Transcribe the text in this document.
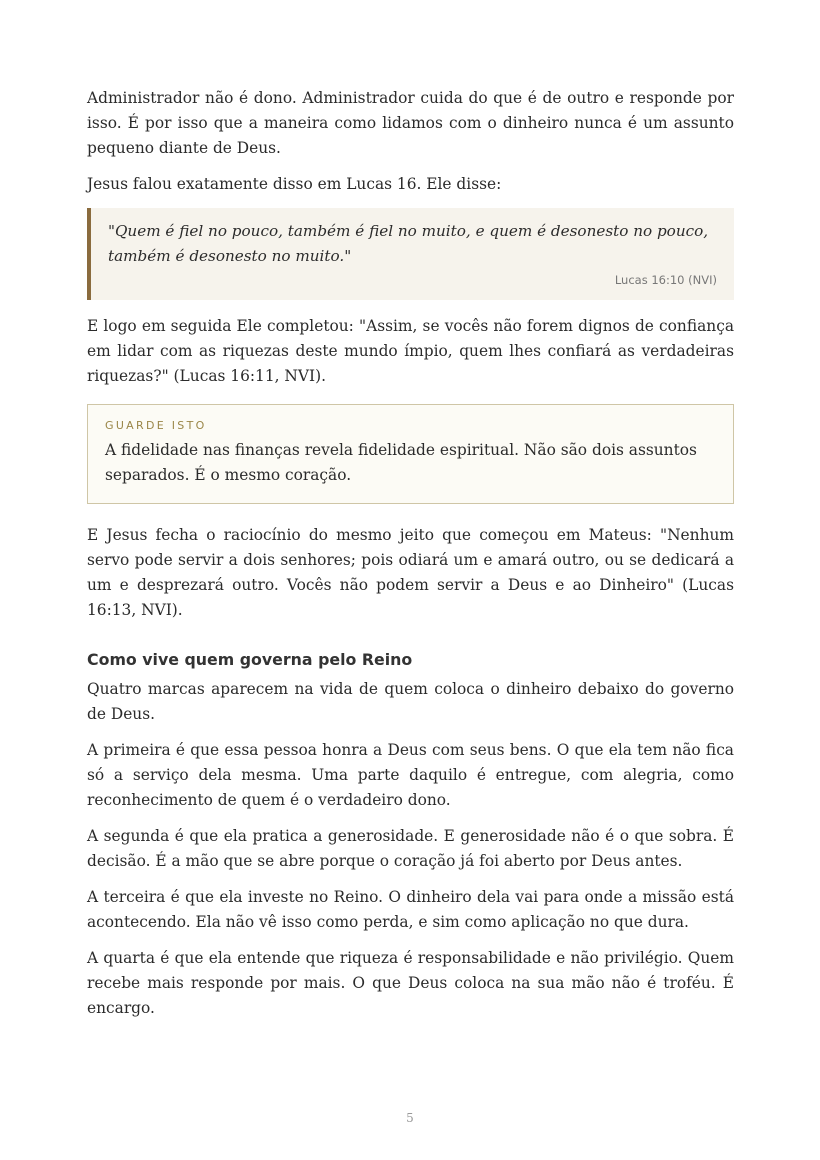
Administrador não é dono. Administrador cuida do que é de outro e responde por isso. É por isso que a maneira como lidamos com o dinheiro nunca é um assunto pequeno diante de Deus.

Jesus falou exatamente disso em Lucas 16. Ele disse:

"Quem é fiel no pouco, também é fiel no muito, e quem é desonesto no pouco, também é desonesto no muito."

Lucas 16:10 (NVI)

E logo em seguida Ele completou: "Assim, se vocês não forem dignos de confiança em lidar com as riquezas deste mundo ímpio, quem lhes confiará as verdadeiras riquezas?" (Lucas 16:11, NVI).

GUARDE ISTO

A fidelidade nas finanças revela fidelidade espiritual. Não são dois assuntos separados. É o mesmo coração.

E Jesus fecha o raciocínio do mesmo jeito que começou em Mateus: "Nenhum servo pode servir a dois senhores; pois odiará um e amará outro, ou se dedicará a um e desprezará outro. Vocês não podem servir a Deus e ao Dinheiro" (Lucas 16:13, NVI).

Como vive quem governa pelo Reino

Quatro marcas aparecem na vida de quem coloca o dinheiro debaixo do governo de Deus.

A primeira é que essa pessoa honra a Deus com seus bens. O que ela tem não fica só a serviço dela mesma. Uma parte daquilo é entregue, com alegria, como reconhecimento de quem é o verdadeiro dono.

A segunda é que ela pratica a generosidade. E generosidade não é o que sobra. É decisão. É a mão que se abre porque o coração já foi aberto por Deus antes.

A terceira é que ela investe no Reino. O dinheiro dela vai para onde a missão está acontecendo. Ela não vê isso como perda, e sim como aplicação no que dura.

A quarta é que ela entende que riqueza é responsabilidade e não privilégio. Quem recebe mais responde por mais. O que Deus coloca na sua mão não é troféu. É encargo.

5
